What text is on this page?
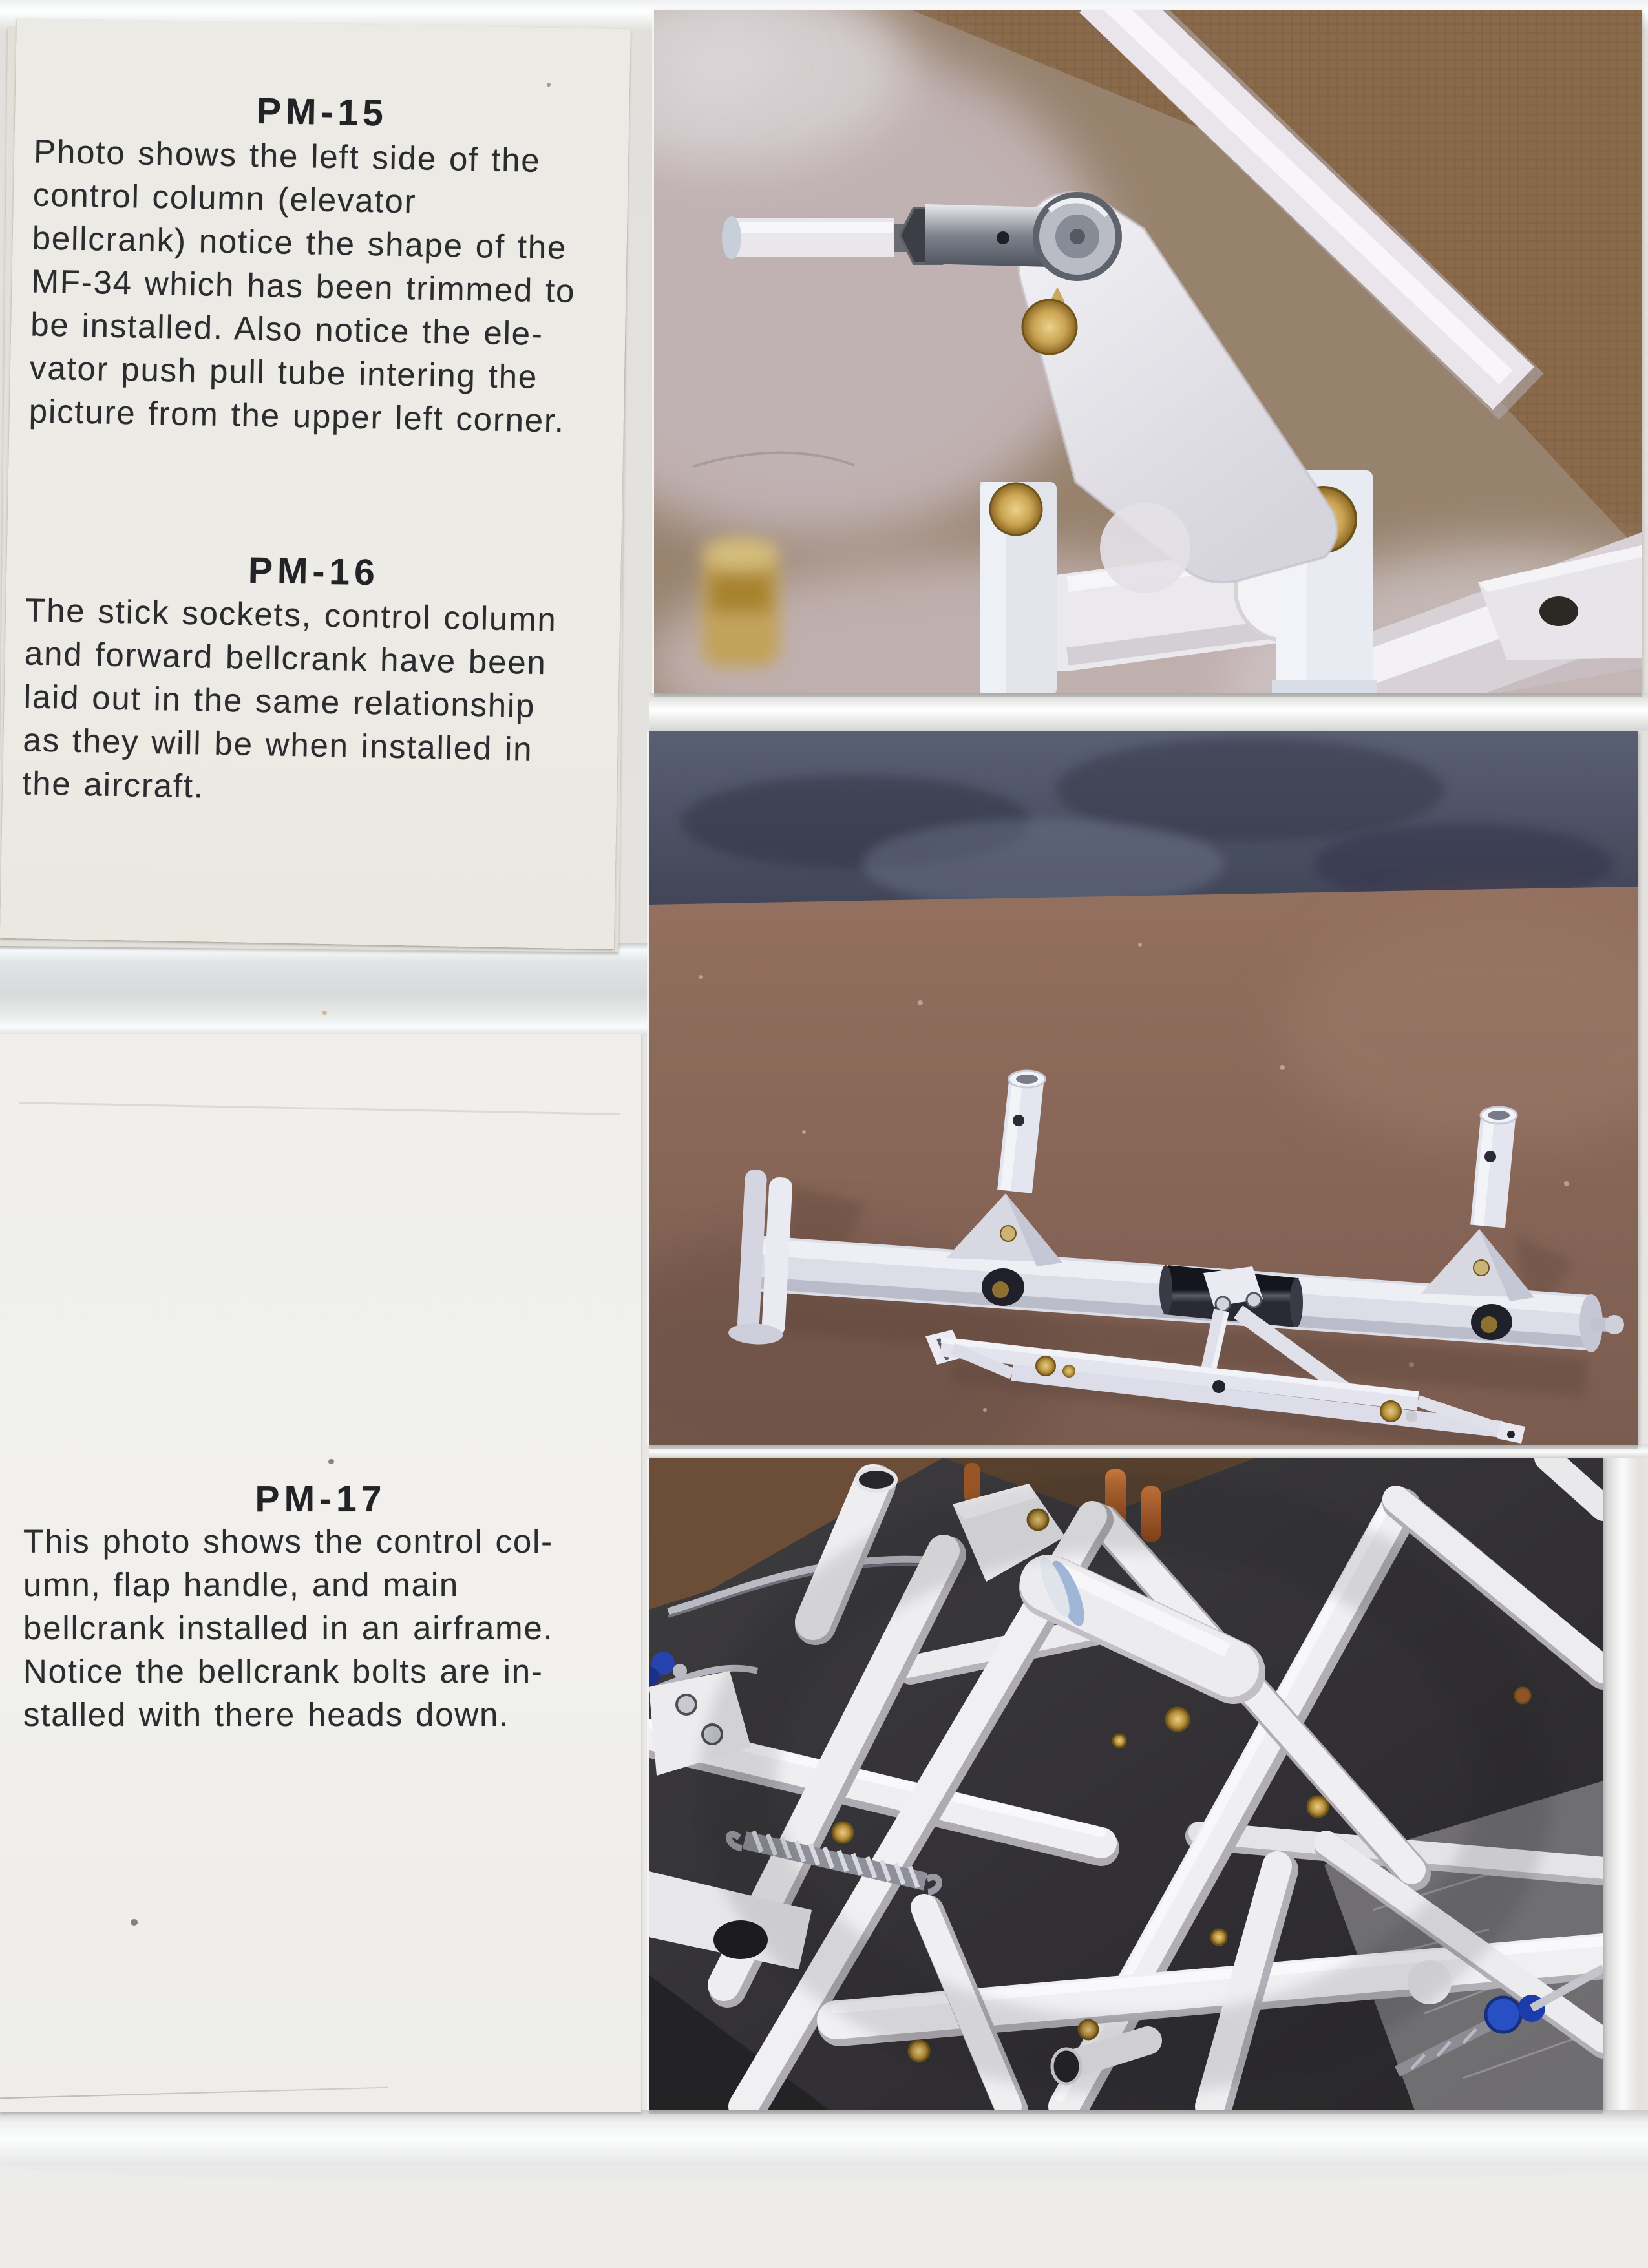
PM-15
Photo shows the left side of the
control column (elevator
bellcrank) notice the shape of the
MF-34 which has been trimmed to
be installed. Also notice the ele-
vator push pull tube intering the
picture from the upper left corner.
PM-16
The stick sockets, control column
and forward bellcrank have been
laid out in the same relationship
as they will be when installed in
the aircraft.
PM-17
This photo shows the control col-
umn, flap handle, and main
bellcrank installed in an airframe.
Notice the bellcrank bolts are in-
stalled with there heads down.
